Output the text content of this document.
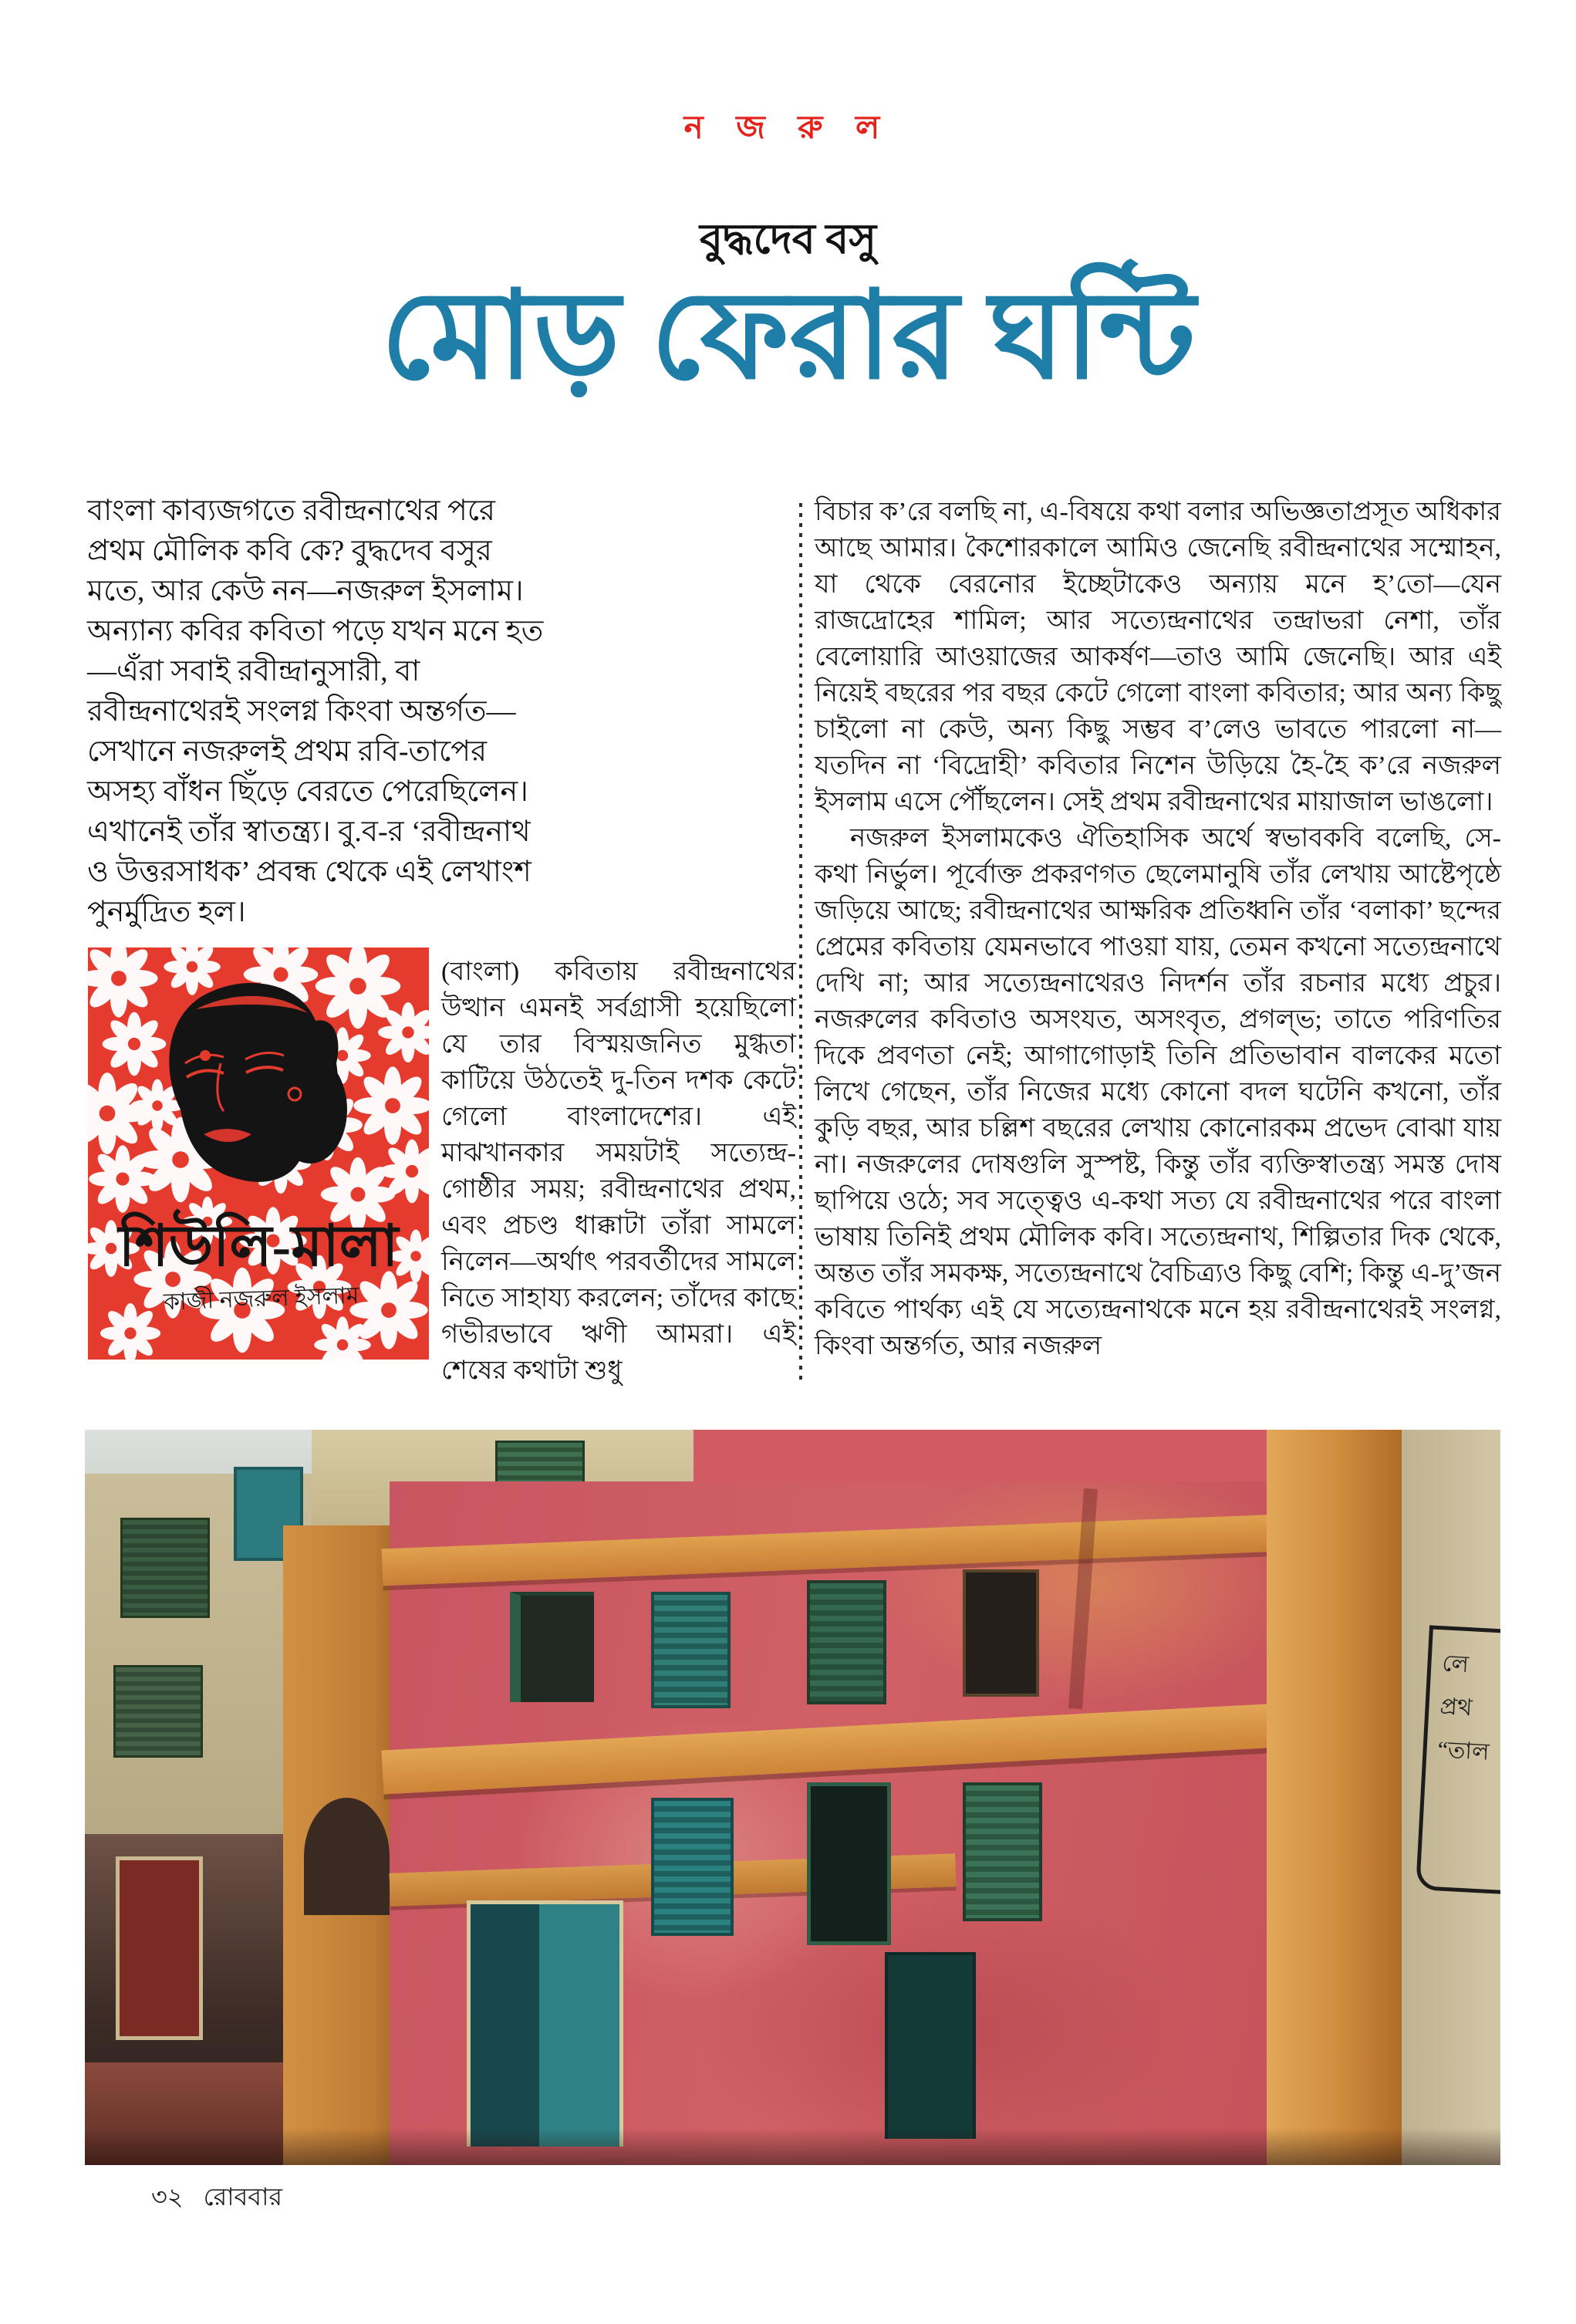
ন জ রু ল
বুদ্ধদেব বসু
মোড় ফেরার ঘন্টি
বাংলা কাব্যজগতে রবীন্দ্রনাথের পরে প্রথম মৌলিক কবি কে? বুদ্ধদেব বসুর মতে, আর কেউ নন—নজরুল ইসলাম। অন্যান্য কবির কবিতা পড়ে যখন মনে হত—এঁরা সবাই রবীন্দ্রানুসারী, বা রবীন্দ্রনাথেরই সংলগ্ন কিংবা অন্তর্গত—সেখানে নজরুলই প্রথম রবি-তাপের অসহ্য বাঁধন ছিঁড়ে বেরতে পেরেছিলেন। এখানেই তাঁর স্বাতন্ত্র্য। বু.ব-র ‘রবীন্দ্রনাথ ও উত্তরসাধক’ প্রবন্ধ থেকে এই লেখাংশ পুনর্মুদ্রিত হল।

বিচার ক’রে বলছি না, এ-বিষয়ে কথা বলার অভিজ্ঞতাপ্রসূত অধিকার আছে আমার। কৈশোরকালে আমিও জেনেছি রবীন্দ্রনাথের সম্মোহন, যা থেকে বেরনোর ইচ্ছেটাকেও অন্যায় মনে হ’তো—যেন রাজদ্রোহের শামিল; আর সত্যেন্দ্রনাথের তন্দ্রাভরা নেশা, তাঁর বেলোয়ারি আওয়াজের আকর্ষণ—তাও আমি জেনেছি। আর এই নিয়েই বছরের পর বছর কেটে গেলো বাংলা কবিতার; আর অন্য কিছু চাইলো না কেউ, অন্য কিছু সম্ভব ব’লেও ভাবতে পারলো না—যতদিন না ‘বিদ্রোহী’ কবিতার নিশেন উড়িয়ে হৈ-হৈ ক’রে নজরুল ইসলাম এসে পৌঁছলেন। সেই প্রথম রবীন্দ্রনাথের মায়াজাল ভাঙলো।

নজরুল ইসলামকেও ঐতিহাসিক অর্থে স্বভাবকবি বলেছি, সে-কথা নির্ভুল। পূর্বোক্ত প্রকরণগত ছেলেমানুষি তাঁর লেখায় আষ্টেপৃষ্ঠে জড়িয়ে আছে; রবীন্দ্রনাথের আক্ষরিক প্রতিধ্বনি তাঁর ‘বলাকা’ ছন্দের প্রেমের কবিতায় যেমনভাবে পাওয়া যায়, তেমন কখনো সত্যেন্দ্রনাথে দেখি না; আর সত্যেন্দ্রনাথেরও নিদর্শন তাঁর রচনার মধ্যে প্রচুর। নজরুলের কবিতাও অসংযত, অসংবৃত, প্রগল্ভ; তাতে পরিণতির দিকে প্রবণতা নেই; আগাগোড়াই তিনি প্রতিভাবান বালকের মতো লিখে গেছেন, তাঁর নিজের মধ্যে কোনো বদল ঘটেনি কখনো, তাঁর কুড়ি বছর, আর চল্লিশ বছরের লেখায় কোনোরকম প্রভেদ বোঝা যায় না। নজরুলের দোষগুলি সুস্পষ্ট, কিন্তু তাঁর ব্যক্তিস্বাতন্ত্র্য সমস্ত দোষ ছাপিয়ে ওঠে; সব সত্ত্বেও এ-কথা সত্য যে রবীন্দ্রনাথের পরে বাংলা ভাষায় তিনিই প্রথম মৌলিক কবি। সত্যেন্দ্রনাথ, শিল্পিতার দিক থেকে, অন্তত তাঁর সমকক্ষ, সত্যেন্দ্রনাথে বৈচিত্র্যও কিছু বেশি; কিন্তু এ-দু’জন কবিতে পার্থক্য এই যে সত্যেন্দ্রনাথকে মনে হয় রবীন্দ্রনাথেরই সংলগ্ন, কিংবা অন্তর্গত, আর নজরুল

শিউলি-মালা
কাজী নজরুল ইসলাম
(বাংলা) কবিতায় রবীন্দ্রনাথের উত্থান এমনই সর্বগ্রাসী হয়েছিলো যে তার বিস্ময়জনিত মুগ্ধতা কাটিয়ে উঠতেই দু-তিন দশক কেটে গেলো বাংলাদেশের। এই মাঝখানকার সময়টাই সত্যেন্দ্র-গোষ্ঠীর সময়; রবীন্দ্রনাথের প্রথম, এবং প্রচণ্ড ধাক্কাটা তাঁরা সামলে নিলেন—অর্থাৎ পরবর্তীদের সামলে নিতে সাহায্য করলেন; তাঁদের কাছে গভীরভাবে ঋণী আমরা। এই শেষের কথাটা শুধু
লে
প্রথ
“তাল
৩২ রোববার
